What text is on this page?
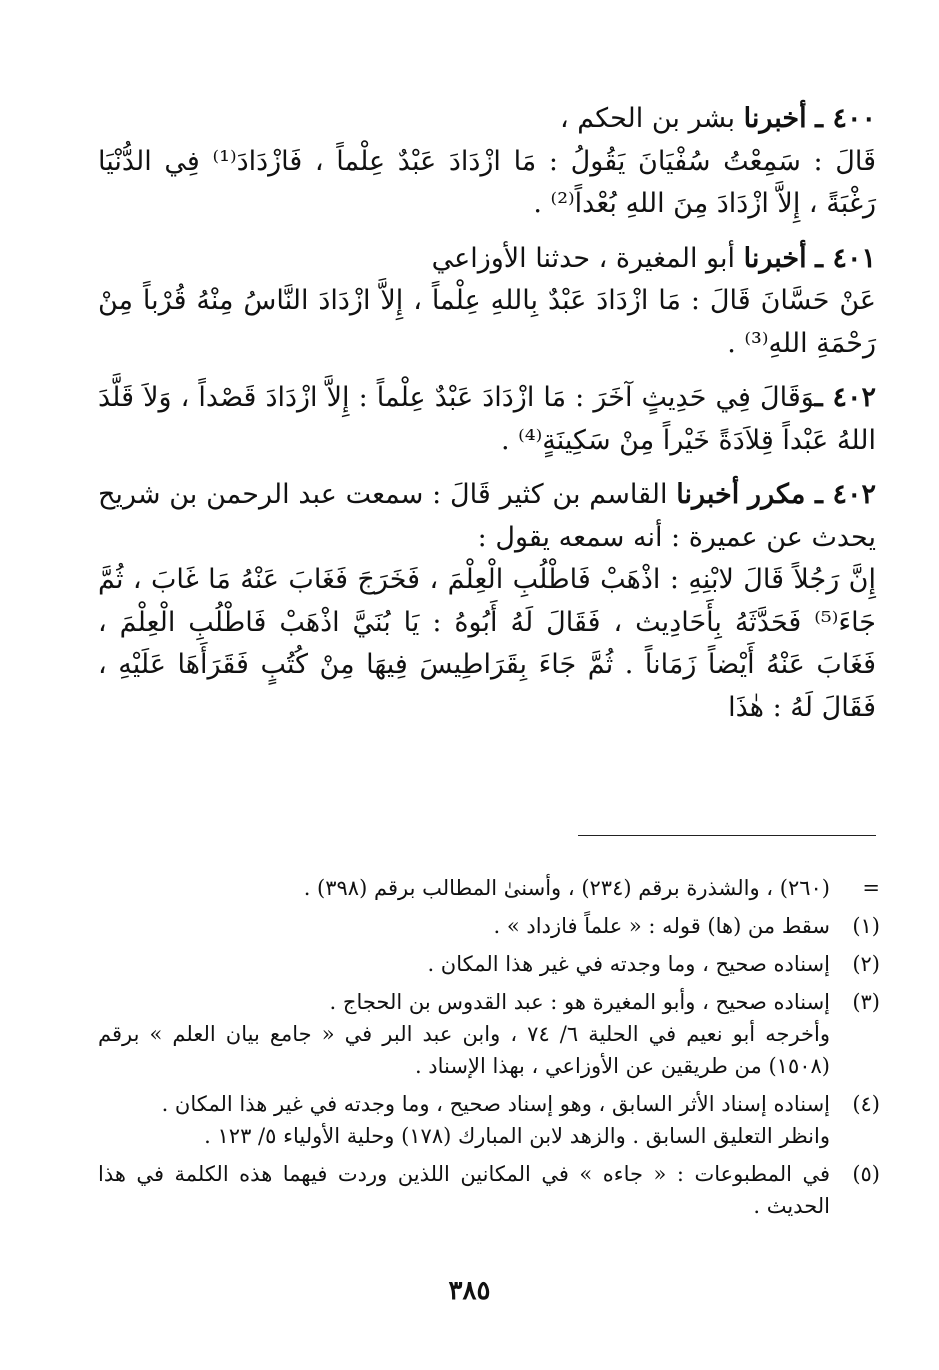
٤٠٠ ـ أخبرنا بشر بن الحكم ،

قَالَ : سَمِعْتُ سُفْيَانَ يَقُولُ : مَا ازْدَادَ عَبْدٌ عِلْماً ، فَازْدَادَ⁽¹⁾ فِي الدُّنْيَا رَغْبَةً ، إِلاَّ ازْدَادَ مِنَ اللهِ بُعْداً⁽²⁾ .

٤٠١ ـ أخبرنا أبو المغيرة ، حدثنا الأوزاعي

عَنْ حَسَّانَ قَالَ : مَا ازْدَادَ عَبْدٌ بِاللهِ عِلْماً ، إِلاَّ ازْدَادَ النَّاسُ مِنْهُ قُرْباً مِنْ رَحْمَةِ اللهِ⁽³⁾ .

٤٠٢ ـوَقَالَ فِي حَدِيثٍ آخَرَ : مَا ازْدَادَ عَبْدٌ عِلْماً : إِلاَّ ازْدَادَ قَصْداً ، وَلاَ قَلَّدَ اللهُ عَبْداً قِلاَدَةً خَيْراً مِنْ سَكِينَةٍ⁽⁴⁾ .

٤٠٢ ـ مكرر أخبرنا القاسم بن كثير قَالَ : سمعت عبد الرحمن بن شريح يحدث عن عميرة : أنه سمعه يقول :

إِنَّ رَجُلاً قَالَ لابْنِهِ : اذْهَبْ فَاطْلُبِ الْعِلْمَ ، فَخَرَجَ فَغَابَ عَنْهُ مَا غَابَ ، ثُمَّ جَاءَ⁽⁵⁾ فَحَدَّثَهُ بِأَحَادِيث ، فَقَالَ لَهُ أَبُوهُ : يَا بُنَيَّ اذْهَبْ فَاطْلُبِ الْعِلْمَ ، فَغَابَ عَنْهُ أَيْضاً زَمَاناً . ثُمَّ جَاءَ بِقَرَاطِيسَ فِيهَا مِنْ كُتُبٍ فَقَرَأَهَا عَلَيْهِ ، فَقَالَ لَهُ : هٰذَا

=
(٢٦٠) ، والشذرة برقم (٢٣٤) ، وأسنىٰ المطالب برقم (٣٩٨) .
(١)
سقط من (ها) قوله : « علماً فازداد » .
(٢)
إسناده صحيح ، وما وجدته في غير هذا المكان .
(٣)
إسناده صحيح ، وأبو المغيرة هو : عبد القدوس بن الحجاج .
وأخرجه أبو نعيم في الحلية ٦/ ٧٤ ، وابن عبد البر في « جامع بيان العلم » برقم (١٥٠٨) من طريقين عن الأوزاعي ، بهذا الإسناد .
(٤)
إسناده إسناد الأثر السابق ، وهو إسناد صحيح ، وما وجدته في غير هذا المكان .
وانظر التعليق السابق . والزهد لابن المبارك (١٧٨) وحلية الأولياء ٥/ ١٢٣ .
(٥)
في المطبوعات : « جاءه » في المكانين اللذين وردت فيهما هذه الكلمة في هذا الحديث .
٣٨٥
